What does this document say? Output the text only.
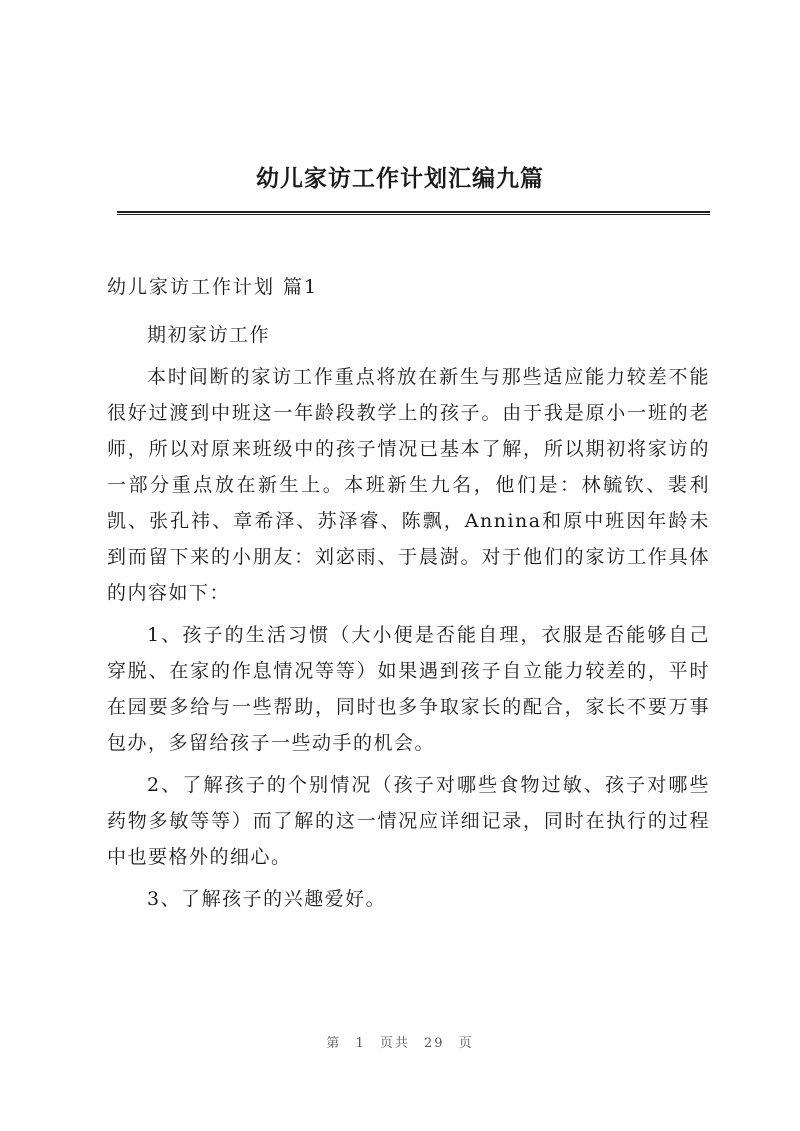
幼儿家访工作计划汇编九篇
幼儿家访工作计划 篇1

期初家访工作

本时间断的家访工作重点将放在新生与那些适应能力较差不能很好过渡到中班这一年龄段教学上的孩子。由于我是原小一班的老师，所以对原来班级中的孩子情况已基本了解，所以期初将家访的一部分重点放在新生上。本班新生九名，他们是：林毓钦、裴利凯、张孔祎、章希泽、苏泽睿、陈飘，Annina和原中班因年龄未到而留下来的小朋友：刘宓雨、于晨澍。对于他们的家访工作具体的内容如下：

1、孩子的生活习惯（大小便是否能自理，衣服是否能够自己穿脱、在家的作息情况等等）如果遇到孩子自立能力较差的，平时在园要多给与一些帮助，同时也多争取家长的配合，家长不要万事包办，多留给孩子一些动手的机会。

2、了解孩子的个别情况（孩子对哪些食物过敏、孩子对哪些药物多敏等等）而了解的这一情况应详细记录，同时在执行的过程中也要格外的细心。

3、了解孩子的兴趣爱好。

第 1 页共 29 页
